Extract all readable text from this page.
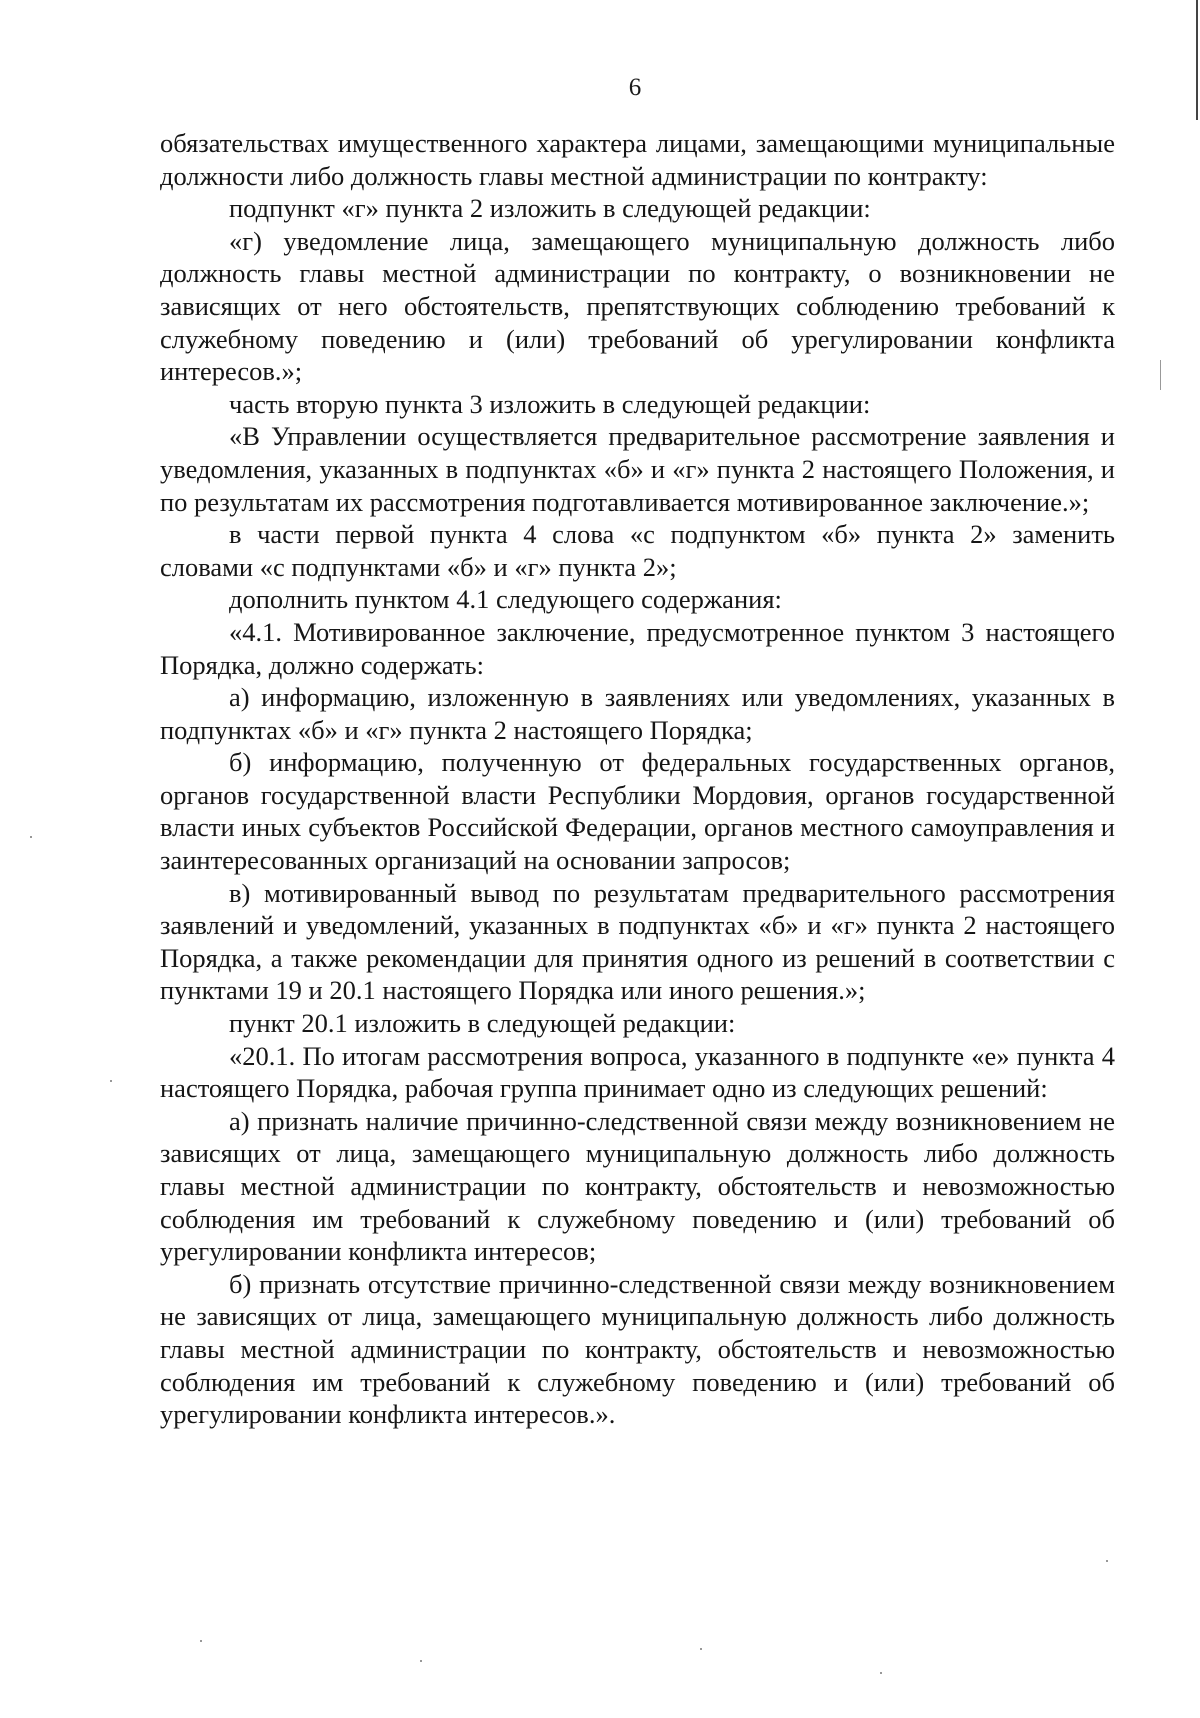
6

обязательствах имущественного характера лицами, замещающими муниципальные должности либо должность главы местной администрации по контракту:

подпункт «г» пункта 2 изложить в следующей редакции:

«г) уведомление лица, замещающего муниципальную должность либо должность главы местной администрации по контракту, о возникновении не зависящих от него обстоятельств, препятствующих соблюдению требований к служебному поведению и (или) требований об урегулировании конфликта интересов.»;

часть вторую пункта 3 изложить в следующей редакции:

«В Управлении осуществляется предварительное рассмотрение заявления и уведомления, указанных в подпунктах «б» и «г» пункта 2 настоящего Положения, и по результатам их рассмотрения подготавливается мотивированное заключение.»;

в части первой пункта 4 слова «с подпунктом «б» пункта 2» заменить словами «с подпунктами «б» и «г» пункта 2»;

дополнить пунктом 4.1 следующего содержания:

«4.1. Мотивированное заключение, предусмотренное пунктом 3 настоящего Порядка, должно содержать:

а) информацию, изложенную в заявлениях или уведомлениях, указанных в подпунктах «б» и «г» пункта 2 настоящего Порядка;

б) информацию, полученную от федеральных государственных органов, органов государственной власти Республики Мордовия, органов государственной власти иных субъектов Российской Федерации, органов местного самоуправления и заинтересованных организаций на основании запросов;

в) мотивированный вывод по результатам предварительного рассмотрения заявлений и уведомлений, указанных в подпунктах «б» и «г» пункта 2 настоящего Порядка, а также рекомендации для принятия одного из решений в соответствии с пунктами 19 и 20.1 настоящего Порядка или иного решения.»;

пункт 20.1 изложить в следующей редакции:

«20.1. По итогам рассмотрения вопроса, указанного в подпункте «е» пункта 4 настоящего Порядка, рабочая группа принимает одно из следующих решений:

а) признать наличие причинно-следственной связи между возникновением не зависящих от лица, замещающего муниципальную должность либо должность главы местной администрации по контракту, обстоятельств и невозможностью соблюдения им требований к служебному поведению и (или) требований об урегулировании конфликта интересов;

б) признать отсутствие причинно-следственной связи между возникновением не зависящих от лица, замещающего муниципальную должность либо должность главы местной администрации по контракту, обстоятельств и невозможностью соблюдения им требований к служебному поведению и (или) требований об урегулировании конфликта интересов.».
